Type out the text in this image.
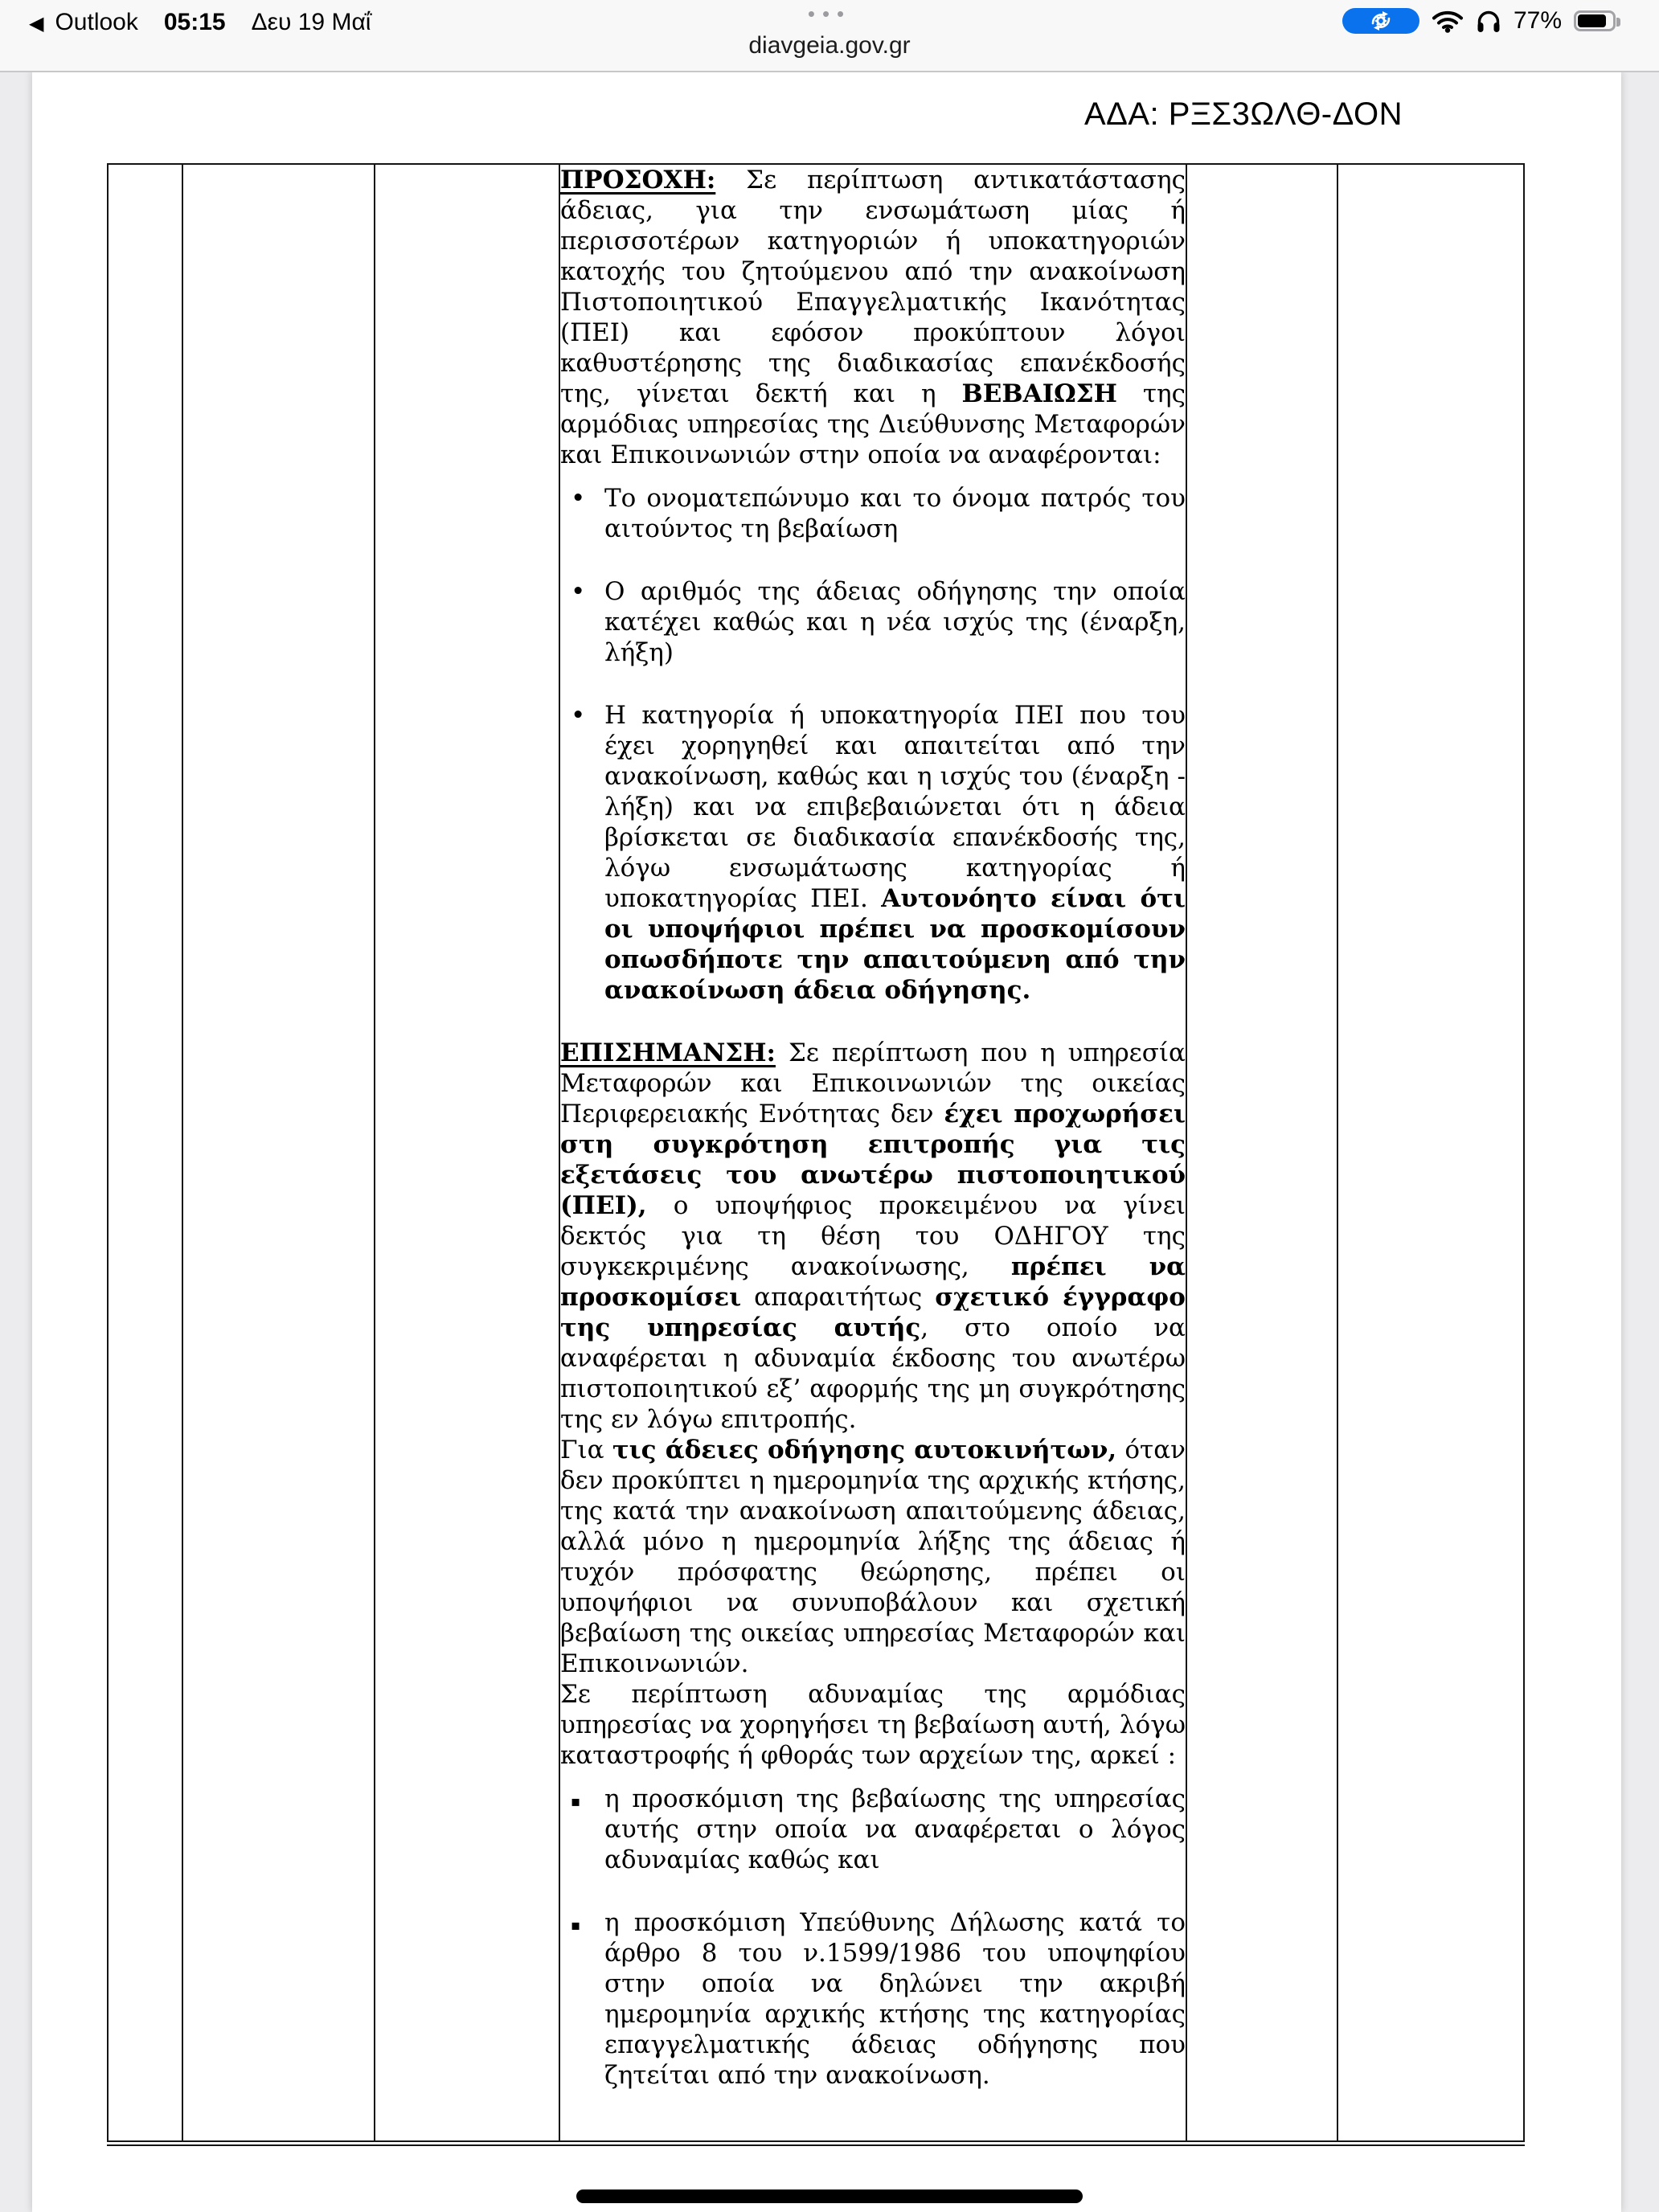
◀ Outlook 05:15 Δευ 19 Μαΐ	•••
diavgeia.gov.gr
77%
ΑΔΑ: ΡΞΣ3ΩΛΘ-ΔΟΝ

ΠΡΟΣΟΧΗ: Σε περίπτωση αντικατάστασης άδειας, για την ενσωμάτωση μίας ή περισσοτέρων κατηγοριών ή υποκατηγοριών κατοχής του ζητούμενου από την ανακοίνωση Πιστοποιητικού Επαγγελματικής Ικανότητας (ΠΕΙ) και εφόσον προκύπτουν λόγοι καθυστέρησης της διαδικασίας επανέκδοσής της, γίνεται δεκτή και η ΒΕΒΑΙΩΣΗ της αρμόδιας υπηρεσίας της Διεύθυνσης Μεταφορών και Επικοινωνιών στην οποία να αναφέρονται:
• Το ονοματεπώνυμο και το όνομα πατρός του αιτούντος τη βεβαίωση
• Ο αριθμός της άδειας οδήγησης την οποία κατέχει καθώς και η νέα ισχύς της (έναρξη, λήξη)
• Η κατηγορία ή υποκατηγορία ΠΕΙ που του έχει χορηγηθεί και απαιτείται από την ανακοίνωση, καθώς και η ισχύς του (έναρξη - λήξη) και να επιβεβαιώνεται ότι η άδεια βρίσκεται σε διαδικασία επανέκδοσής της, λόγω ενσωμάτωσης κατηγορίας ή υποκατηγορίας ΠΕΙ. Αυτονόητο είναι ότι οι υποψήφιοι πρέπει να προσκομίσουν οπωσδήποτε την απαιτούμενη από την ανακοίνωση άδεια οδήγησης.
ΕΠΙΣΗΜΑΝΣΗ: Σε περίπτωση που η υπηρεσία Μεταφορών και Επικοινωνιών της οικείας Περιφερειακής Ενότητας δεν έχει προχωρήσει στη συγκρότηση επιτροπής για τις εξετάσεις του ανωτέρω πιστοποιητικού (ΠΕΙ), ο υποψήφιος προκειμένου να γίνει δεκτός για τη θέση του ΟΔΗΓΟΥ της συγκεκριμένης ανακοίνωσης, πρέπει να προσκομίσει απαραιτήτως σχετικό έγγραφο της υπηρεσίας αυτής, στο οποίο να αναφέρεται η αδυναμία έκδοσης του ανωτέρω πιστοποιητικού εξ’ αφορμής της μη συγκρότησης της εν λόγω επιτροπής.
Για τις άδειες οδήγησης αυτοκινήτων, όταν δεν προκύπτει η ημερομηνία της αρχικής κτήσης, της κατά την ανακοίνωση απαιτούμενης άδειας, αλλά μόνο η ημερομηνία λήξης της άδειας ή τυχόν πρόσφατης θεώρησης, πρέπει οι υποψήφιοι να συνυποβάλουν και σχετική βεβαίωση της οικείας υπηρεσίας Μεταφορών και Επικοινωνιών.
Σε περίπτωση αδυναμίας της αρμόδιας υπηρεσίας να χορηγήσει τη βεβαίωση αυτή, λόγω καταστροφής ή φθοράς των αρχείων της, αρκεί :
▪ η προσκόμιση της βεβαίωσης της υπηρεσίας αυτής στην οποία να αναφέρεται ο λόγος αδυναμίας καθώς και
▪ η προσκόμιση Υπεύθυνης Δήλωσης κατά το άρθρο 8 του ν.1599/1986 του υποψηφίου στην οποία να δηλώνει την ακριβή ημερομηνία αρχικής κτήσης της κατηγορίας επαγγελματικής άδειας οδήγησης που ζητείται από την ανακοίνωση.
